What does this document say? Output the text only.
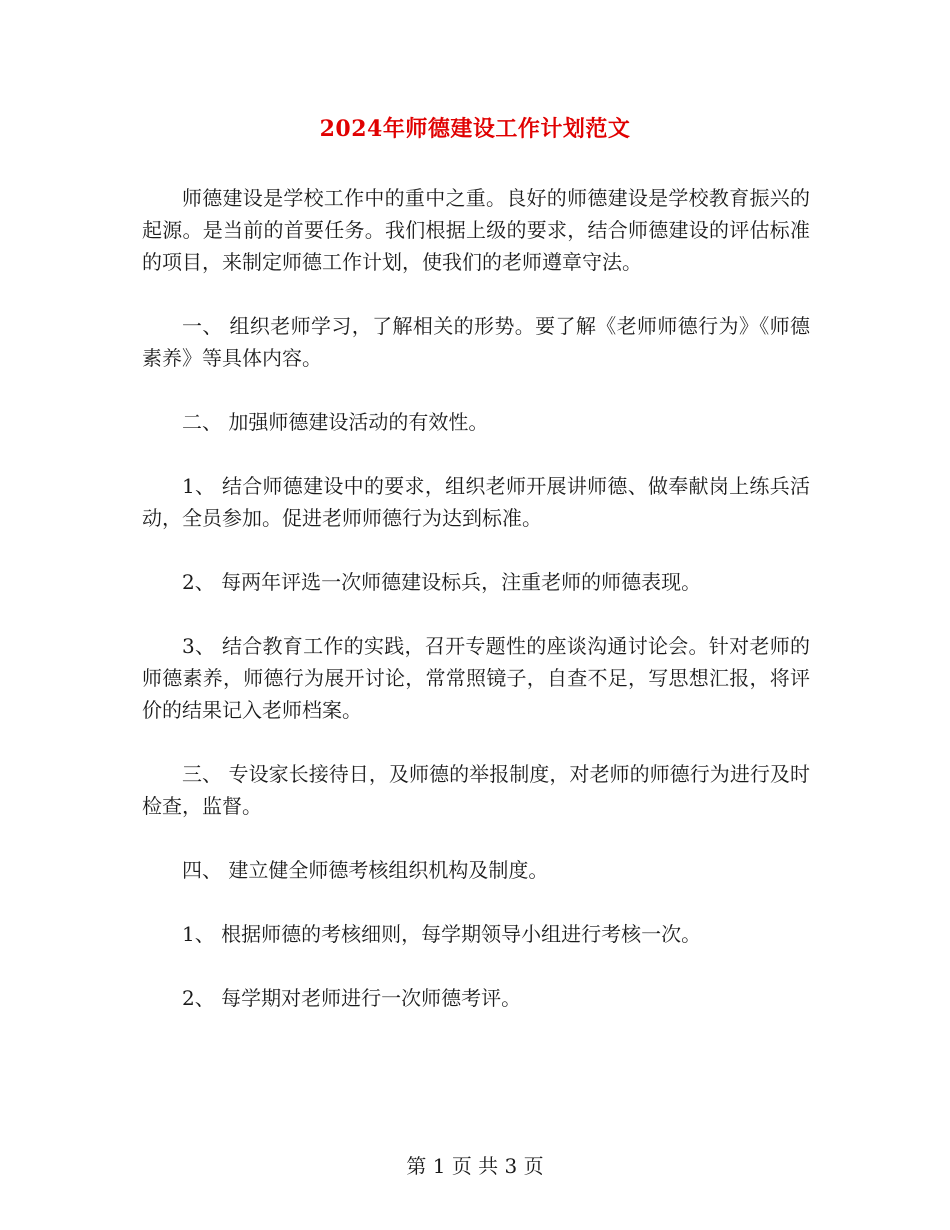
2024年师德建设工作计划范文

师德建设是学校工作中的重中之重。良好的师德建设是学校教育振兴的起源。是当前的首要任务。我们根据上级的要求，结合师德建设的评估标准的项目，来制定师德工作计划，使我们的老师遵章守法。

一、 组织老师学习，了解相关的形势。要了解《老师师德行为》《师德素养》等具体内容。

二、 加强师德建设活动的有效性。

1、 结合师德建设中的要求，组织老师开展讲师德、做奉献岗上练兵活动，全员参加。促进老师师德行为达到标准。

2、 每两年评选一次师德建设标兵，注重老师的师德表现。

3、 结合教育工作的实践，召开专题性的座谈沟通讨论会。针对老师的师德素养，师德行为展开讨论，常常照镜子，自查不足，写思想汇报，将评价的结果记入老师档案。

三、 专设家长接待日，及师德的举报制度，对老师的师德行为进行及时检查，监督。

四、 建立健全师德考核组织机构及制度。

1、 根据师德的考核细则，每学期领导小组进行考核一次。

2、 每学期对老师进行一次师德考评。

第 1 页 共 3 页
